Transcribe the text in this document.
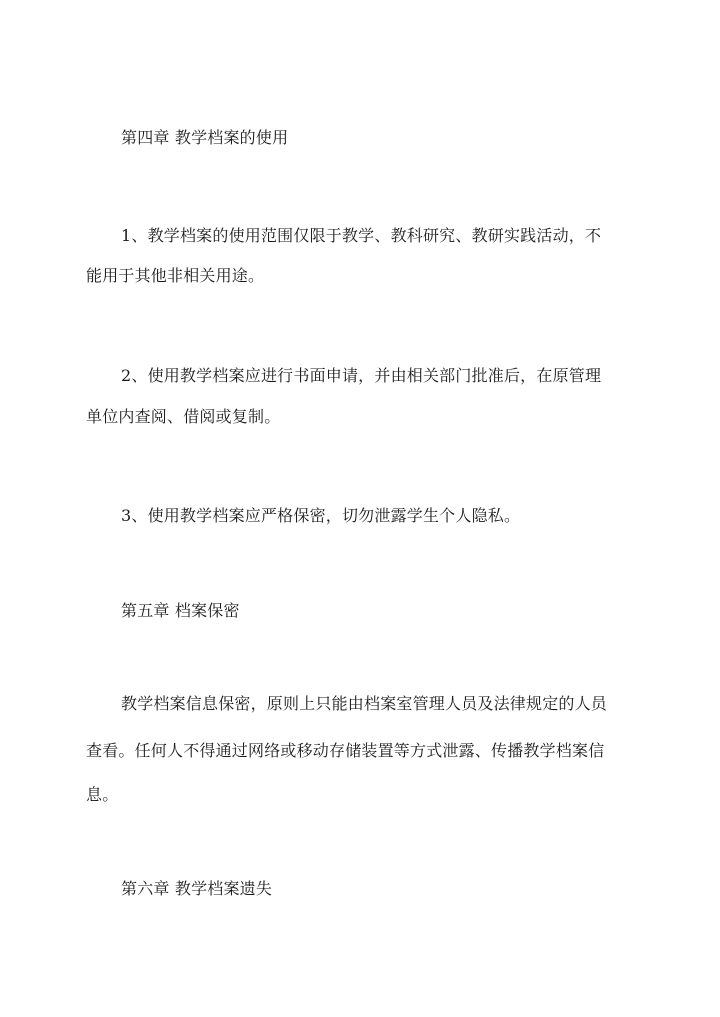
第四章 教学档案的使用
1、教学档案的使用范围仅限于教学、教科研究、教研实践活动，不
能用于其他非相关用途。
2、使用教学档案应进行书面申请，并由相关部门批准后，在原管理
单位内查阅、借阅或复制。
3、使用教学档案应严格保密，切勿泄露学生个人隐私。
第五章 档案保密
教学档案信息保密，原则上只能由档案室管理人员及法律规定的人员
查看。任何人不得通过网络或移动存储装置等方式泄露、传播教学档案信
息。
第六章 教学档案遗失
